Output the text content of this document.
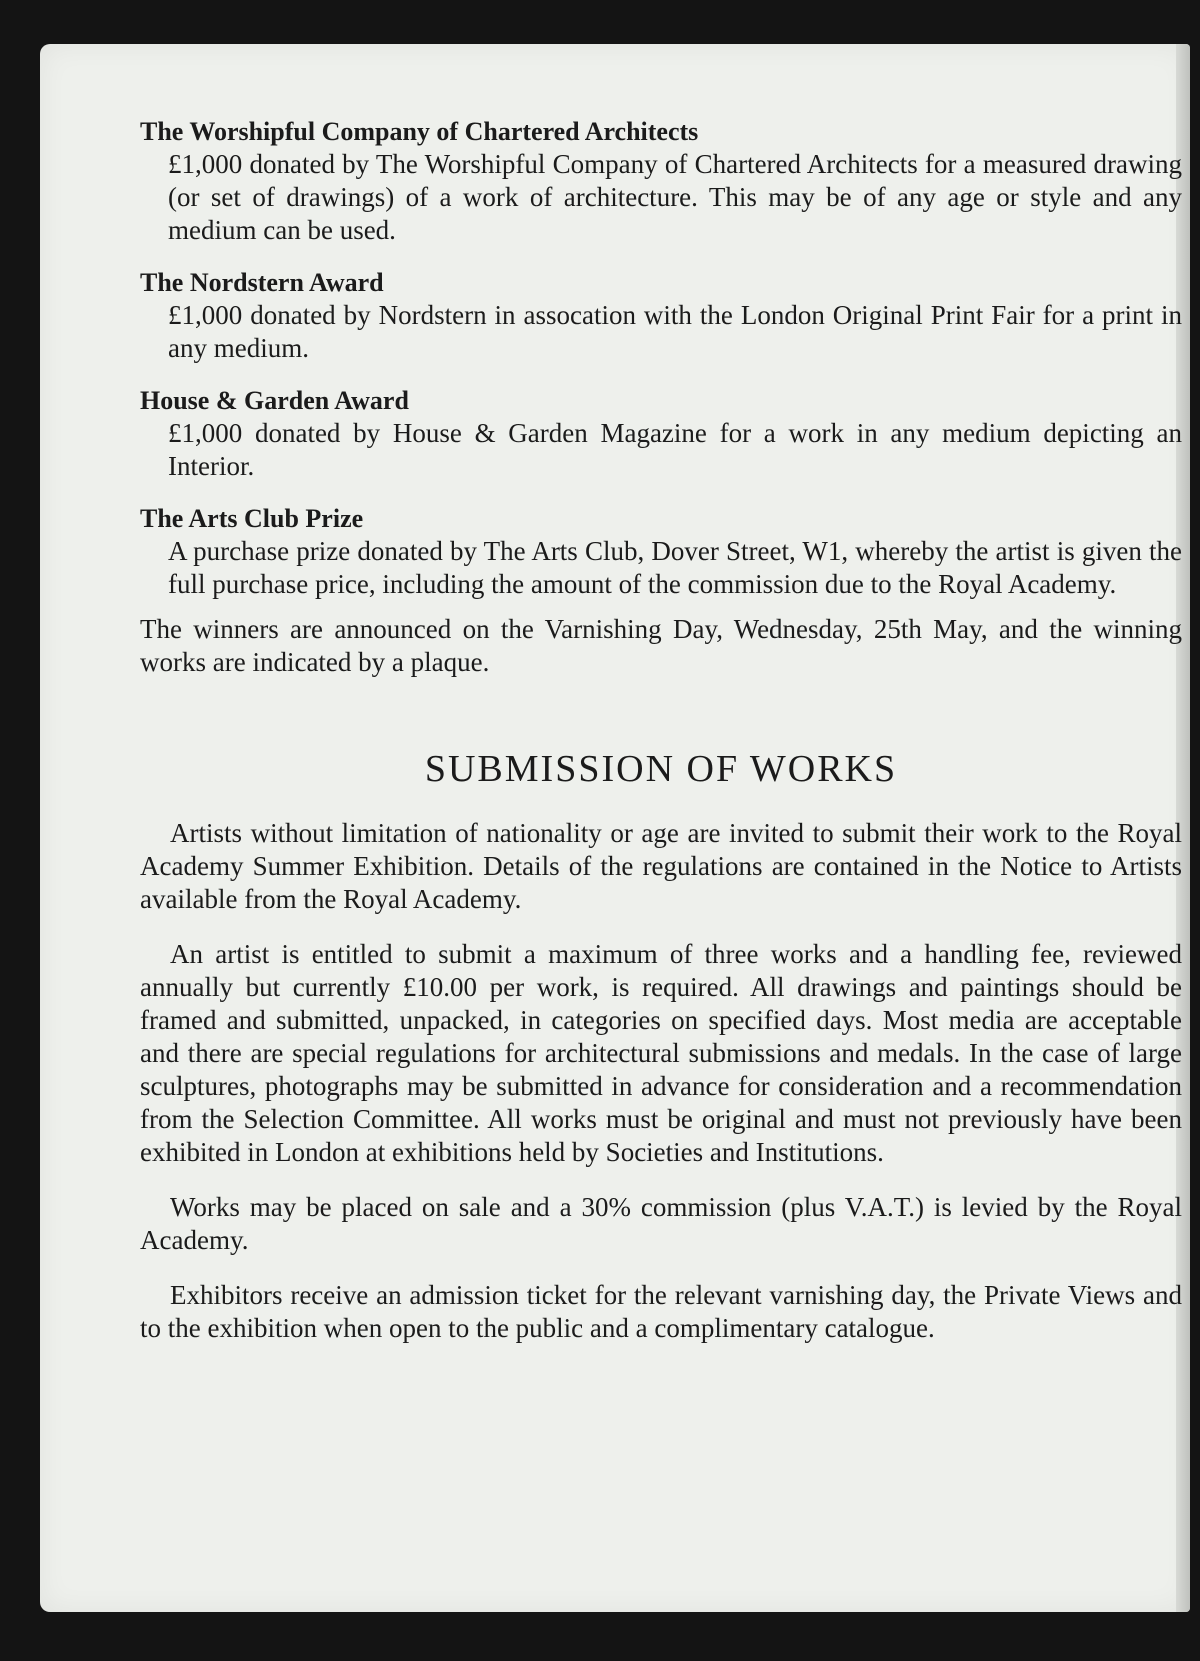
The Worshipful Company of Chartered Architects

£1,000 donated by The Worshipful Company of Chartered Architects for a measured drawing (or set of drawings) of a work of architecture. This may be of any age or style and any medium can be used.

The Nordstern Award

£1,000 donated by Nordstern in assocation with the London Original Print Fair for a print in any medium.

House & Garden Award

£1,000 donated by House & Garden Magazine for a work in any medium depicting an Interior.

The Arts Club Prize

A purchase prize donated by The Arts Club, Dover Street, W1, whereby the artist is given the full purchase price, including the amount of the commission due to the Royal Academy.

The winners are announced on the Varnishing Day, Wednesday, 25th May, and the winning works are indicated by a plaque.

SUBMISSION OF WORKS

Artists without limitation of nationality or age are invited to submit their work to the Royal Academy Summer Exhibition. Details of the regulations are contained in the Notice to Artists available from the Royal Academy.

An artist is entitled to submit a maximum of three works and a handling fee, reviewed annually but currently £10.00 per work, is required. All drawings and paintings should be framed and submitted, unpacked, in categories on specified days. Most media are acceptable and there are special regulations for architectural submissions and medals. In the case of large sculptures, photographs may be submitted in advance for consideration and a recommendation from the Selection Committee. All works must be original and must not previously have been exhibited in London at exhibitions held by Societies and Institutions.

Works may be placed on sale and a 30% commission (plus V.A.T.) is levied by the Royal Academy.

Exhibitors receive an admission ticket for the relevant varnishing day, the Private Views and to the exhibition when open to the public and a complimentary catalogue.
